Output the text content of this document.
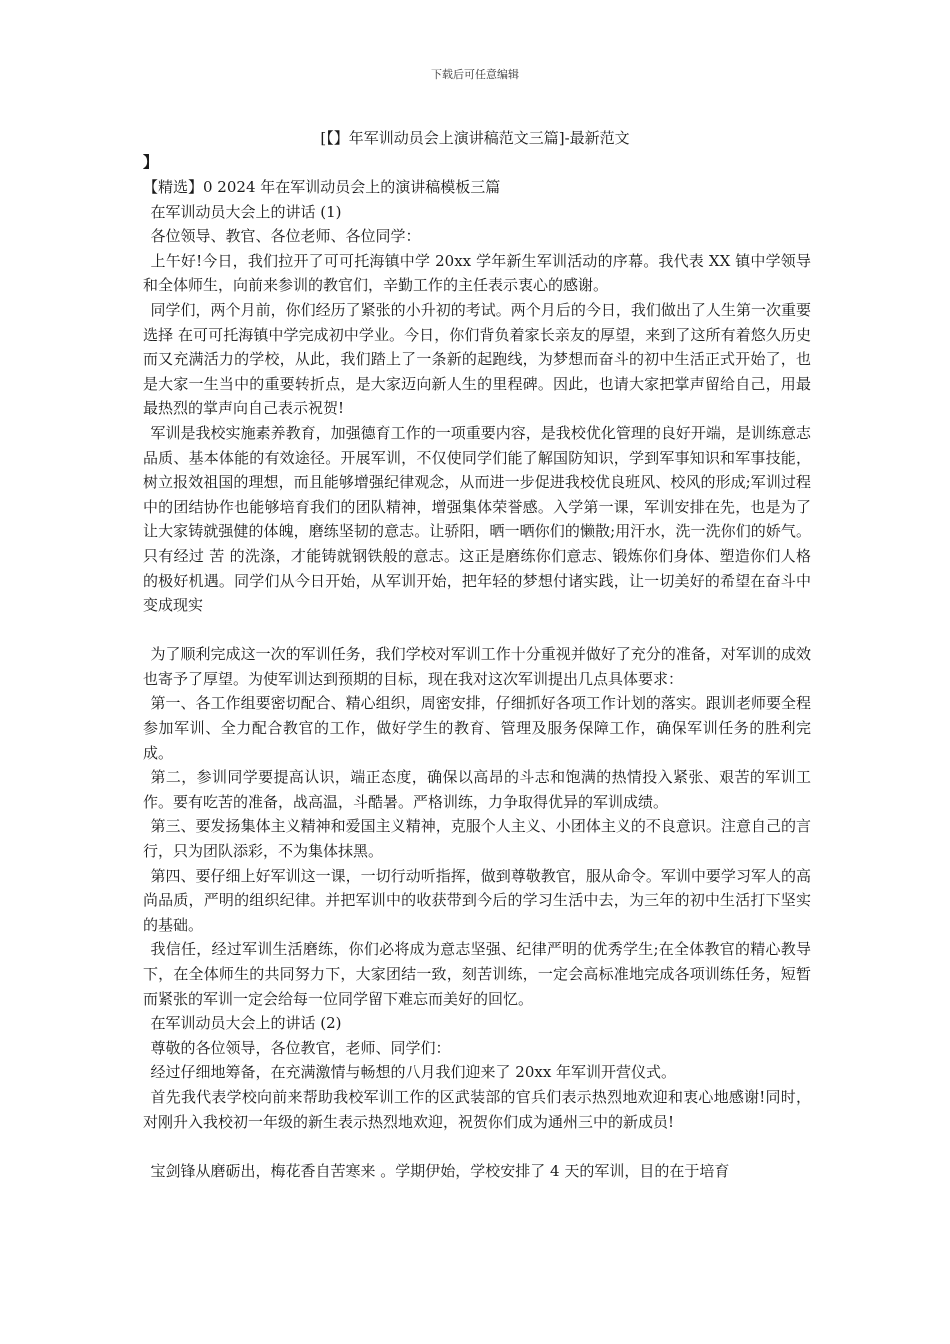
下载后可任意编辑
[【】年军训动员会上演讲稿范文三篇]-最新范文
】

【精选】0 2024 年在军训动员会上的演讲稿模板三篇

在军训动员大会上的讲话 (1)

各位领导、教官、各位老师、各位同学：

上午好!今日，我们拉开了可可托海镇中学 20xx 学年新生军训活动的序幕。我代表 XX 镇中学领导和全体师生，向前来参训的教官们，辛勤工作的主任表示衷心的感谢。

同学们，两个月前，你们经历了紧张的小升初的考试。两个月后的今日，我们做出了人生第一次重要选择 在可可托海镇中学完成初中学业。今日，你们背负着家长亲友的厚望，来到了这所有着悠久历史而又充满活力的学校，从此，我们踏上了一条新的起跑线，为梦想而奋斗的初中生活正式开始了，也是大家一生当中的重要转折点，是大家迈向新人生的里程碑。因此，也请大家把掌声留给自己，用最最热烈的掌声向自己表示祝贺!

军训是我校实施素养教育，加强德育工作的一项重要内容，是我校优化管理的良好开端，是训练意志品质、基本体能的有效途径。开展军训，不仅使同学们能了解国防知识，学到军事知识和军事技能，树立报效祖国的理想，而且能够增强纪律观念，从而进一步促进我校优良班风、校风的形成;军训过程中的团结协作也能够培育我们的团队精神，增强集体荣誉感。入学第一课，军训安排在先，也是为了让大家铸就强健的体魄，磨练坚韧的意志。让骄阳，晒一晒你们的懒散;用汗水，洗一洗你们的娇气。只有经过 苦 的洗涤，才能铸就钢铁般的意志。这正是磨练你们意志、锻炼你们身体、塑造你们人格的极好机遇。同学们从今日开始，从军训开始，把年轻的梦想付诸实践，让一切美好的希望在奋斗中变成现实

为了顺利完成这一次的军训任务，我们学校对军训工作十分重视并做好了充分的准备，对军训的成效也寄予了厚望。为使军训达到预期的目标，现在我对这次军训提出几点具体要求：

第一、各工作组要密切配合、精心组织，周密安排，仔细抓好各项工作计划的落实。跟训老师要全程参加军训、全力配合教官的工作，做好学生的教育、管理及服务保障工作，确保军训任务的胜利完成。

第二，参训同学要提高认识，端正态度，确保以高昂的斗志和饱满的热情投入紧张、艰苦的军训工作。要有吃苦的准备，战高温，斗酷暑。严格训练，力争取得优异的军训成绩。

第三、要发扬集体主义精神和爱国主义精神，克服个人主义、小团体主义的不良意识。注意自己的言行，只为团队添彩，不为集体抹黑。

第四、要仔细上好军训这一课，一切行动听指挥，做到尊敬教官，服从命令。军训中要学习军人的高尚品质，严明的组织纪律。并把军训中的收获带到今后的学习生活中去，为三年的初中生活打下坚实的基础。

我信任，经过军训生活磨练，你们必将成为意志坚强、纪律严明的优秀学生;在全体教官的精心教导下，在全体师生的共同努力下，大家团结一致，刻苦训练，一定会高标准地完成各项训练任务，短暂而紧张的军训一定会给每一位同学留下难忘而美好的回忆。

在军训动员大会上的讲话 (2)

尊敬的各位领导，各位教官，老师、同学们：

经过仔细地筹备，在充满激情与畅想的八月我们迎来了 20xx 年军训开营仪式。

首先我代表学校向前来帮助我校军训工作的区武装部的官兵们表示热烈地欢迎和衷心地感谢!同时，对刚升入我校初一年级的新生表示热烈地欢迎，祝贺你们成为通州三中的新成员!

宝剑锋从磨砺出，梅花香自苦寒来 。学期伊始，学校安排了 4 天的军训，目的在于培育
